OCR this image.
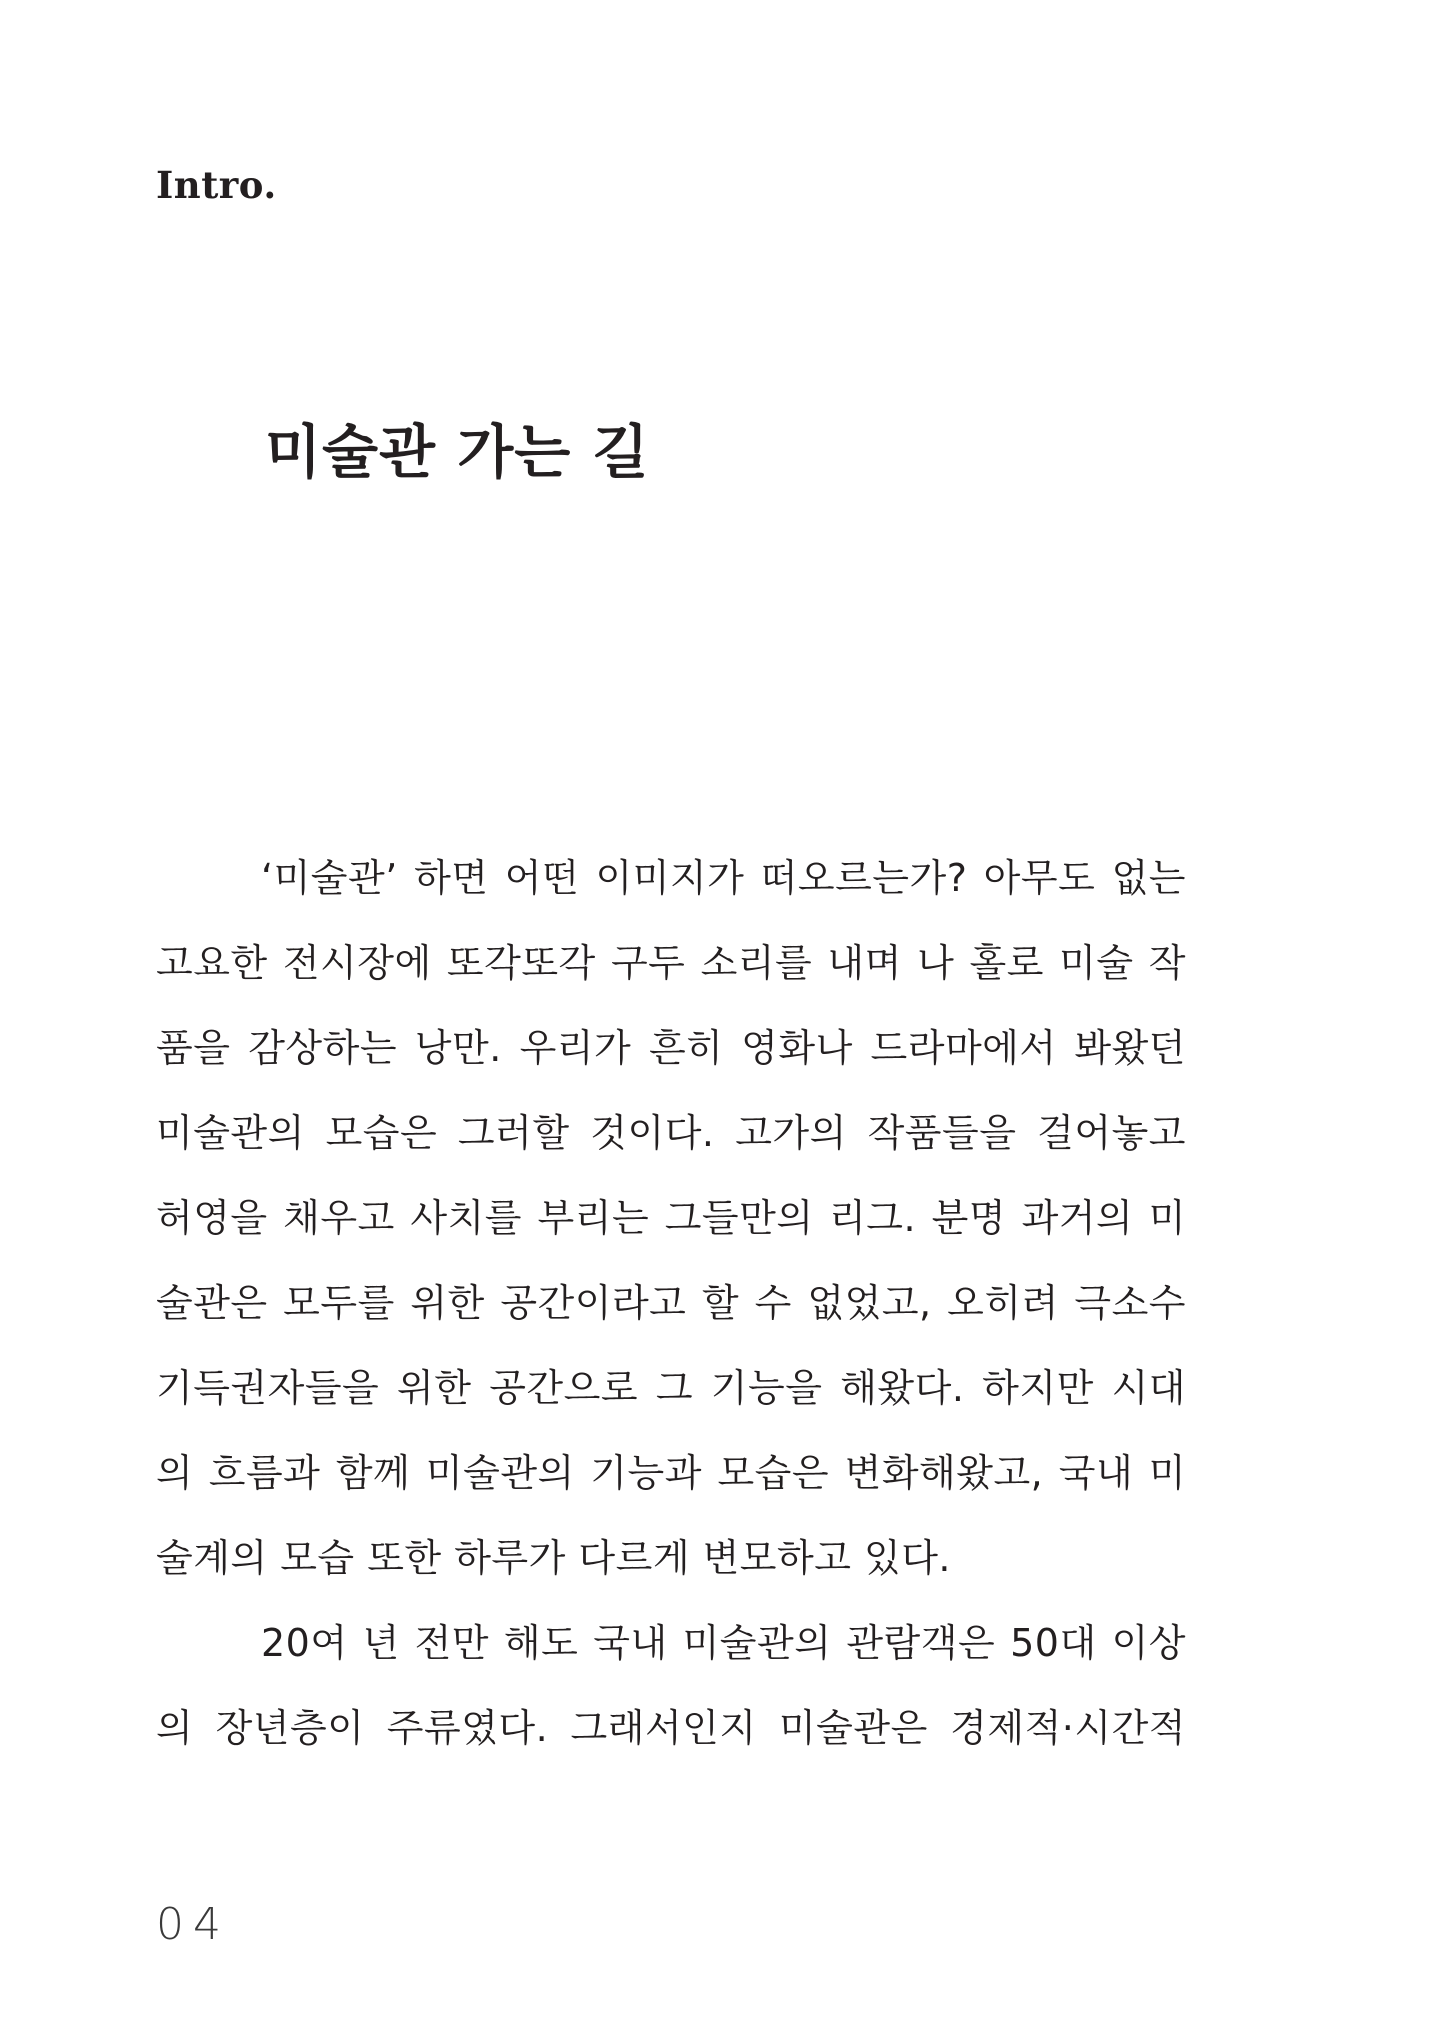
Intro.
미술관 가는 길
‘미술관’ 하면 어떤 이미지가 떠오르는가? 아무도 없는
고요한 전시장에 또각또각 구두 소리를 내며 나 홀로 미술 작
품을 감상하는 낭만. 우리가 흔히 영화나 드라마에서 봐왔던
미술관의 모습은 그러할 것이다. 고가의 작품들을 걸어놓고
허영을 채우고 사치를 부리는 그들만의 리그. 분명 과거의 미
술관은 모두를 위한 공간이라고 할 수 없었고, 오히려 극소수
기득권자들을 위한 공간으로 그 기능을 해왔다. 하지만 시대
의 흐름과 함께 미술관의 기능과 모습은 변화해왔고, 국내 미
술계의 모습 또한 하루가 다르게 변모하고 있다.
20여 년 전만 해도 국내 미술관의 관람객은 50대 이상
의 장년층이 주류였다. 그래서인지 미술관은 경제적·시간적
04
